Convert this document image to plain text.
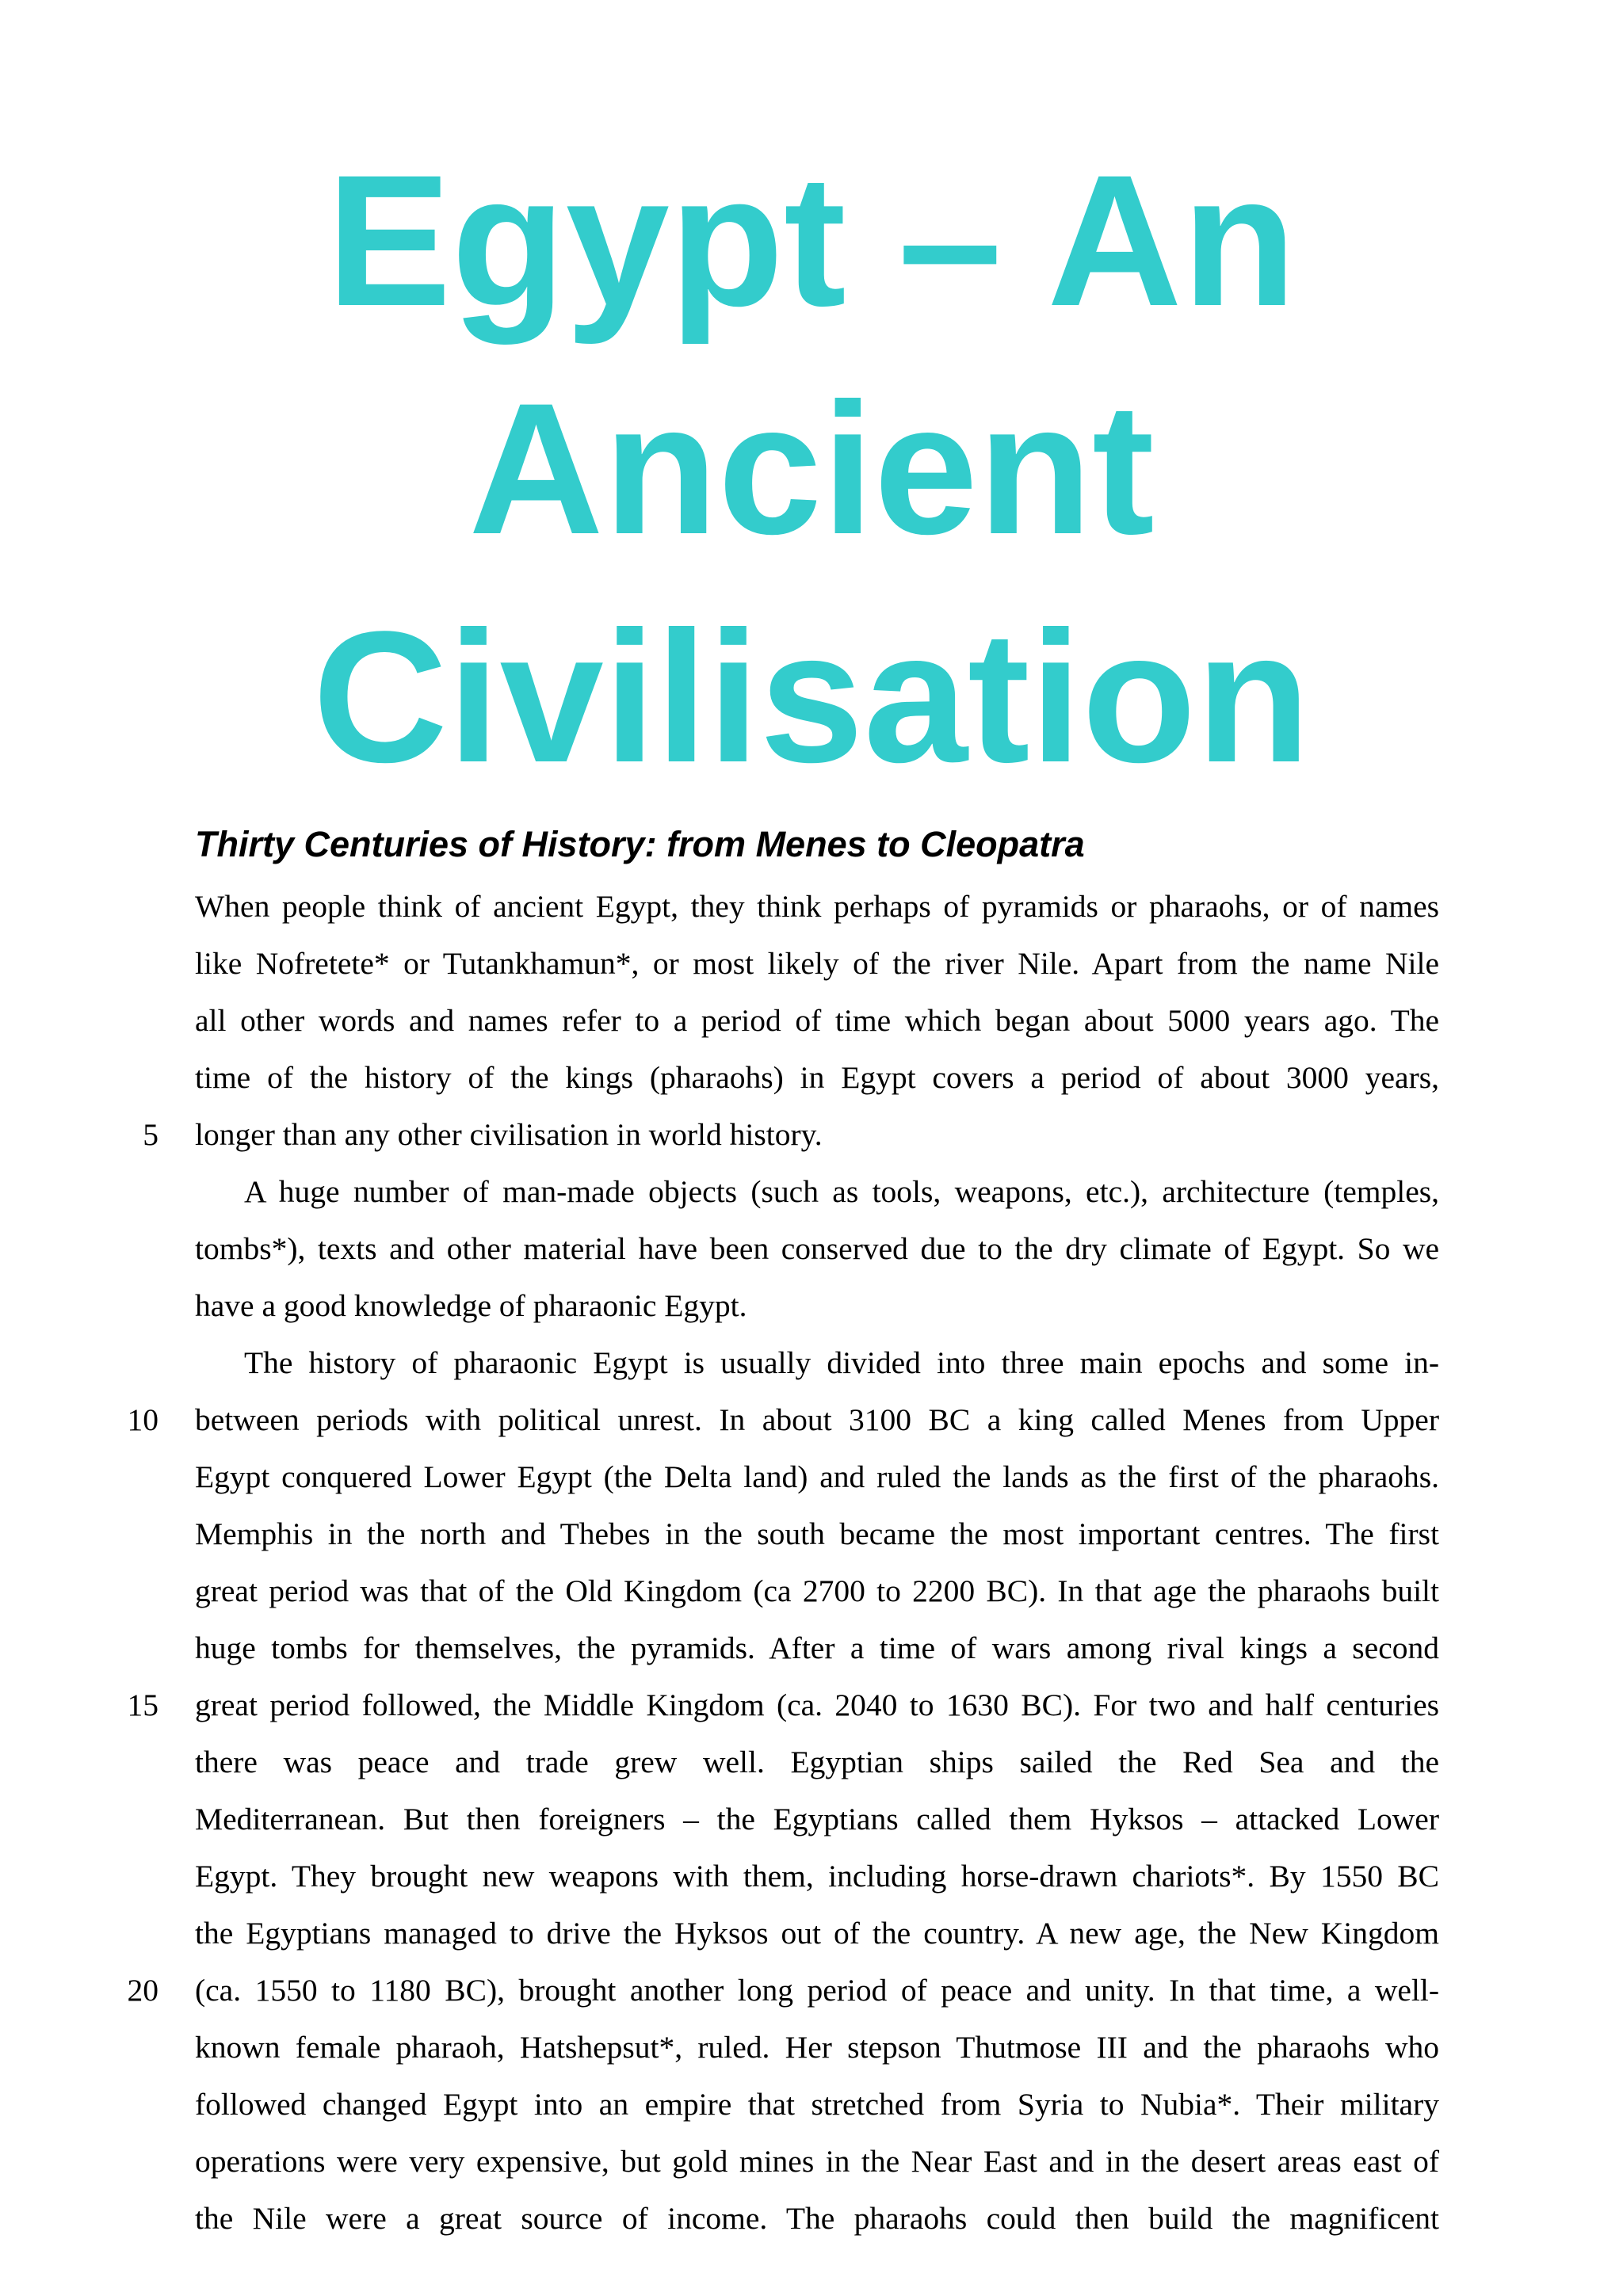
Egypt – An
Ancient
Civilisation
Thirty Centuries of History: from Menes to Cleopatra
5
10
15
20
When people think of ancient Egypt, they think perhaps of pyramids or pharaohs, or of names
like Nofretete* or Tutankhamun*, or most likely of the river Nile. Apart from the name Nile
all other words and names refer to a period of time which began about 5000 years ago. The
time of the history of the kings (pharaohs) in Egypt covers a period of about 3000 years,
longer than any other civilisation in world history.
A huge number of man-made objects (such as tools, weapons, etc.), architecture (temples,
tombs*), texts and other material have been conserved due to the dry climate of Egypt. So we
have a good knowledge of pharaonic Egypt.
The history of pharaonic Egypt is usually divided into three main epochs and some in-
between periods with political unrest. In about 3100 BC a king called Menes from Upper
Egypt conquered Lower Egypt (the Delta land) and ruled the lands as the first of the pharaohs.
Memphis in the north and Thebes in the south became the most important centres. The first
great period was that of the Old Kingdom (ca 2700 to 2200 BC). In that age the pharaohs built
huge tombs for themselves, the pyramids. After a time of wars among rival kings a second
great period followed, the Middle Kingdom (ca. 2040 to 1630 BC). For two and half centuries
there was peace and trade grew well. Egyptian ships sailed the Red Sea and the
Mediterranean. But then foreigners – the Egyptians called them Hyksos – attacked Lower
Egypt. They brought new weapons with them, including horse-drawn chariots*. By 1550 BC
the Egyptians managed to drive the Hyksos out of the country. A new age, the New Kingdom
(ca. 1550 to 1180 BC), brought another long period of peace and unity. In that time, a well-
known female pharaoh, Hatshepsut*, ruled. Her stepson Thutmose III and the pharaohs who
followed changed Egypt into an empire that stretched from Syria to Nubia*. Their military
operations were very expensive, but gold mines in the Near East and in the desert areas east of
the Nile were a great source of income. The pharaohs could then build the magnificent
